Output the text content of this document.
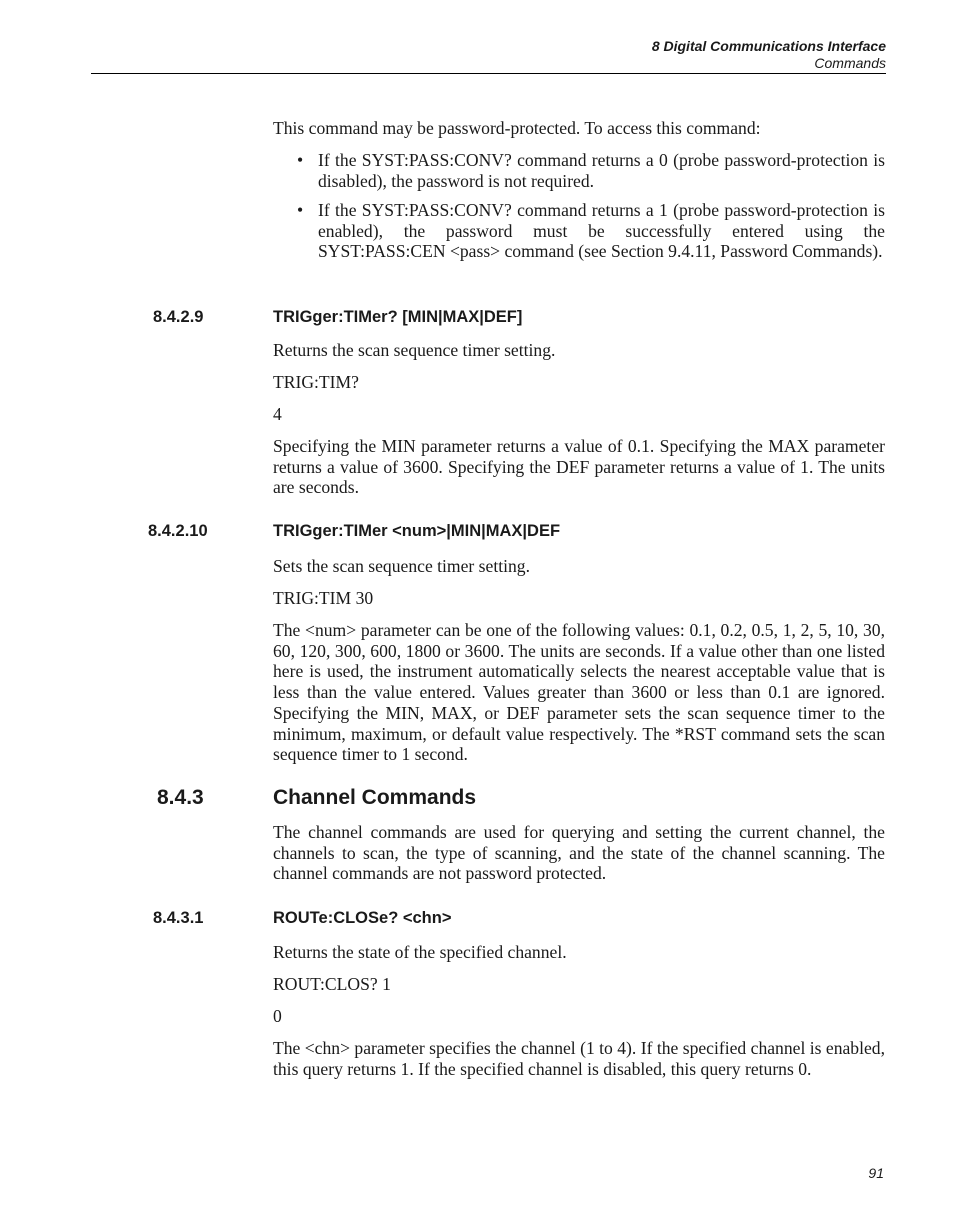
8 Digital Communications Interface
Commands

This command may be password-protected. To access this command:

• If the SYST:PASS:CONV? command returns a 0 (probe password-protection is disabled), the password is not required.
• If the SYST:PASS:CONV? command returns a 1 (probe password-protection is enabled), the password must be successfully entered using the SYST:PASS:CEN <pass> command (see Section 9.4.11, Password Commands).
8.4.2.9	TRIGger:TIMer? [MIN|MAX|DEF]
Returns the scan sequence timer setting.
TRIG:TIM?
4

Specifying the MIN parameter returns a value of 0.1. Specifying the MAX parameter returns a value of 3600. Specifying the DEF parameter returns a value of 1. The units are seconds.

8.4.2.10	TRIGger:TIMer <num>|MIN|MAX|DEF
Sets the scan sequence timer setting.
TRIG:TIM 30

The <num> parameter can be one of the following values: 0.1, 0.2, 0.5, 1, 2, 5, 10, 30, 60, 120, 300, 600, 1800 or 3600. The units are seconds. If a value other than one listed here is used, the instrument automatically selects the nearest acceptable value that is less than the value entered. Values greater than 3600 or less than 0.1 are ignored. Specifying the MIN, MAX, or DEF parameter sets the scan sequence timer to the minimum, maximum, or default value respectively. The *RST command sets the scan sequence timer to 1 second.

8.4.3	Channel Commands

The channel commands are used for querying and setting the current channel, the channels to scan, the type of scanning, and the state of the channel scanning. The channel commands are not password protected.

8.4.3.1	ROUTe:CLOSe? <chn>
Returns the state of the specified channel.
ROUT:CLOS? 1
0

The <chn> parameter specifies the channel (1 to 4). If the specified channel is enabled, this query returns 1. If the specified channel is disabled, this query returns 0.

91
